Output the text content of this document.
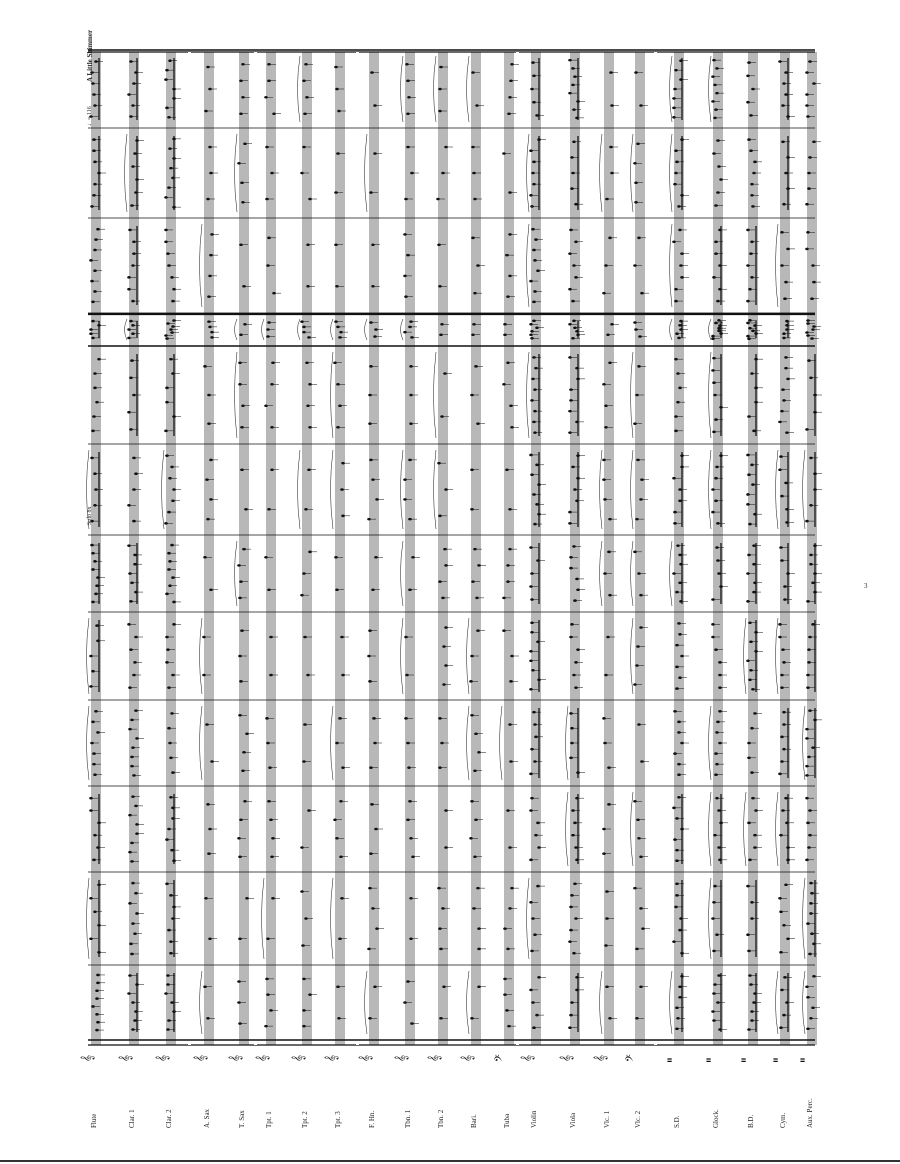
𝄞 𝄞 𝄞 𝄞 𝄞 𝄞 𝄞 𝄞 𝄞 𝄞 𝄞 𝄞 𝄢 𝄞 𝄞 𝄞 𝄢 𝄥 𝄥 𝄥 𝄥 𝄥
A Little Shimmer
♩= 116
Solo 8x
Flute	Clar. 1	Clar. 2	A. Sax	T. Sax	Tpt. 1	Tpt. 2	Tpt. 3	F. Hn.	Tbn. 1	Tbn. 2	Bari.	Tuba	Violin	Viola	Vlc. 1	Vlc. 2	S.D.	Glock.	B.D.	Cym.	Aux. Perc.
3
